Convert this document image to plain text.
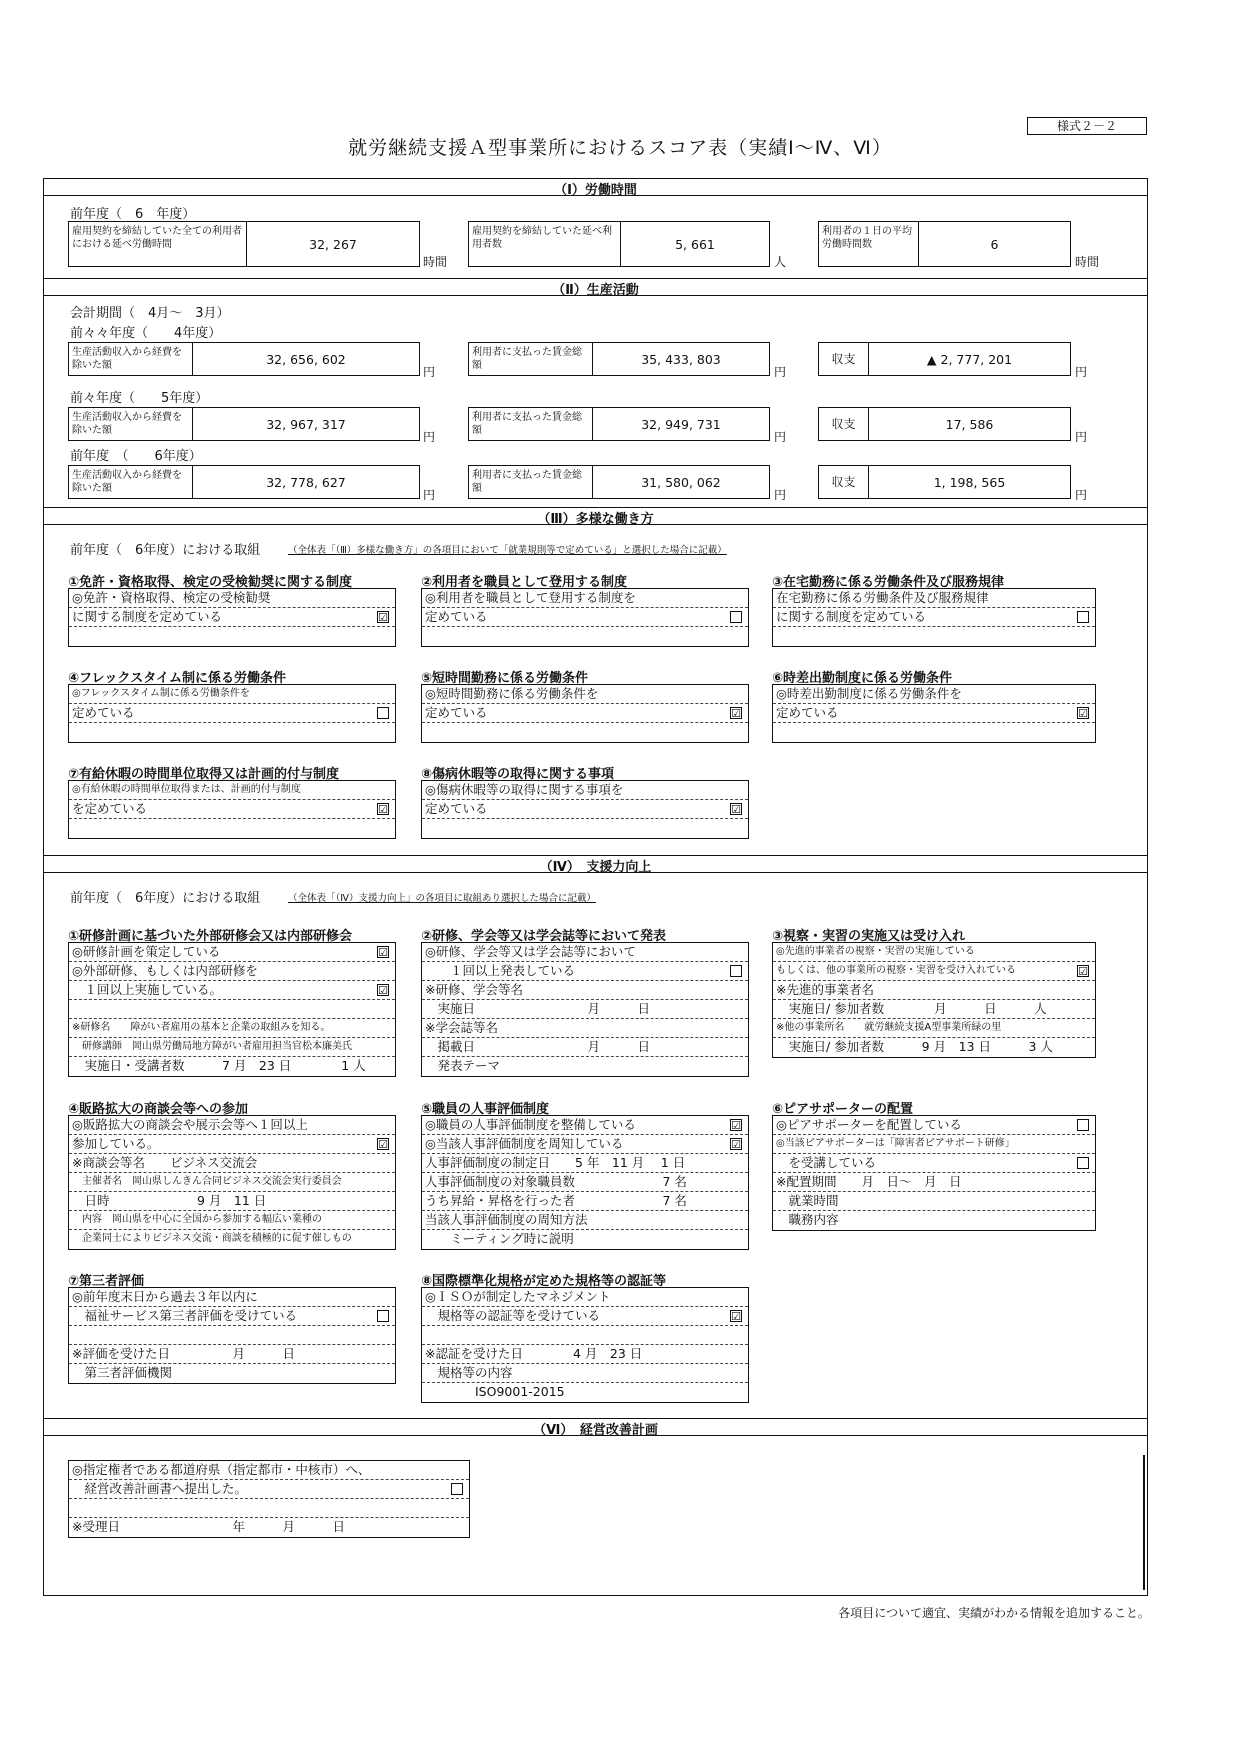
様式２－２
就労継続支援Ａ型事業所におけるスコア表（実績Ⅰ～Ⅳ、Ⅵ）
（Ⅰ）労働時間
前年度（　6　年度）
雇用契約を締結していた全ての利用者における延べ労働時間	32, 267
時間
雇用契約を締結していた延べ利用者数	5, 661
人
利用者の１日の平均労働時間数	6
時間
（Ⅱ）生産活動
会計期間（　4月～　3月）
前々々年度（　　4年度）
生産活動収入から経費を除いた額	32, 656, 602
円
利用者に支払った賃金総額	35, 433, 803
円
収支	▲ 2, 777, 201
円
前々年度（　　5年度）
生産活動収入から経費を除いた額	32, 967, 317
円
利用者に支払った賃金総額	32, 949, 731
円
収支	17, 586
円
前年度　（　　6年度）
生産活動収入から経費を除いた額	32, 778, 627
円
利用者に支払った賃金総額	31, 580, 062
円
収支	1, 198, 565
円
（Ⅲ）多様な働き方
前年度（　6年度）における取組	（全体表「（Ⅲ）多様な働き方」の各項目において「就業規則等で定めている」と選択した場合に記載）
①免許・資格取得、検定の受検勧奨に関する制度
◎免許・資格取得、検定の受検勧奨
に関する制度を定めている	☑
②利用者を職員として登用する制度
◎利用者を職員として登用する制度を
定めている
③在宅勤務に係る労働条件及び服務規律
在宅勤務に係る労働条件及び服務規律
に関する制度を定めている
④フレックスタイム制に係る労働条件
◎フレックスタイム制に係る労働条件を
定めている
⑤短時間勤務に係る労働条件
◎短時間勤務に係る労働条件を
定めている	☑
⑥時差出勤制度に係る労働条件
◎時差出勤制度に係る労働条件を
定めている	☑
⑦有給休暇の時間単位取得又は計画的付与制度
◎有給休暇の時間単位取得または、計画的付与制度
を定めている	☑
⑧傷病休暇等の取得に関する事項
◎傷病休暇等の取得に関する事項を
定めている	☑
（Ⅳ）　支援力向上
前年度（　6年度）における取組	（全体表「（Ⅳ）支援力向上」の各項目に取組あり選択した場合に記載）
①研修計画に基づいた外部研修会又は内部研修会
◎研修計画を策定している	☑
◎外部研修、もしくは内部研修を
　１回以上実施している。	☑
※研修名　　障がい者雇用の基本と企業の取組みを知る。
　研修講師　岡山県労働局地方障がい者雇用担当官松本廉美氏
　実施日・受講者数　　　7 月　23 日　　　　1 人
②研修、学会等又は学会誌等において発表
◎研修、学会等又は学会誌等において
　　１回以上発表している
※研修、学会等名
　実施日　　　　　　　　　月　　　日
※学会誌等名
　掲載日　　　　　　　　　月　　　日
　発表テーマ
③視察・実習の実施又は受け入れ
◎先進的事業者の視察・実習の実施している
もしくは、他の事業所の視察・実習を受け入れている	☑
※先進的事業者名
　実施日/ 参加者数　　　　月　　　日　　　人
※他の事業所名　　就労継続支援A型事業所緑の里
　実施日/ 参加者数　　　9 月　13 日　　　3 人
④販路拡大の商談会等への参加
◎販路拡大の商談会や展示会等へ１回以上
参加している。	☑
※商談会等名　　ビジネス交流会
　主催者名　岡山県しんきん合同ビジネス交流会実行委員会
　日時　　　　　　　9 月　11 日
　内容　岡山県を中心に全国から参加する幅広い業種の
　企業同士によりビジネス交流・商談を積極的に促す催しもの
⑤職員の人事評価制度
◎職員の人事評価制度を整備している	☑
◎当該人事評価制度を周知している	☑
人事評価制度の制定日　　5 年　11 月　 1 日
人事評価制度の対象職員数　　　　　　　7 名
うち昇給・昇格を行った者　　　　　　　7 名
当該人事評価制度の周知方法
　　ミーティング時に説明
⑥ピアサポーターの配置
◎ピアサポーターを配置している
◎当該ピアサポーターは「障害者ピアサポート研修」
　を受講している
※配置期間　　月　日～　月　日
　就業時間
　職務内容
⑦第三者評価
◎前年度末日から過去３年以内に
　福祉サービス第三者評価を受けている
※評価を受けた日　　　　　月　　　日
　第三者評価機関
⑧国際標準化規格が定めた規格等の認証等
◎ＩＳＯが制定したマネジメント
　規格等の認証等を受けている	☑
※認証を受けた日　　　　4 月　23 日
　規格等の内容
　　　　ISO9001-2015
（Ⅵ）　経営改善計画
◎指定権者である都道府県（指定都市・中核市）へ、
　経営改善計画書へ提出した。
※受理日　　　　　　　　　年　　　月　　　日
各項目について適宜、実績がわかる情報を追加すること。
